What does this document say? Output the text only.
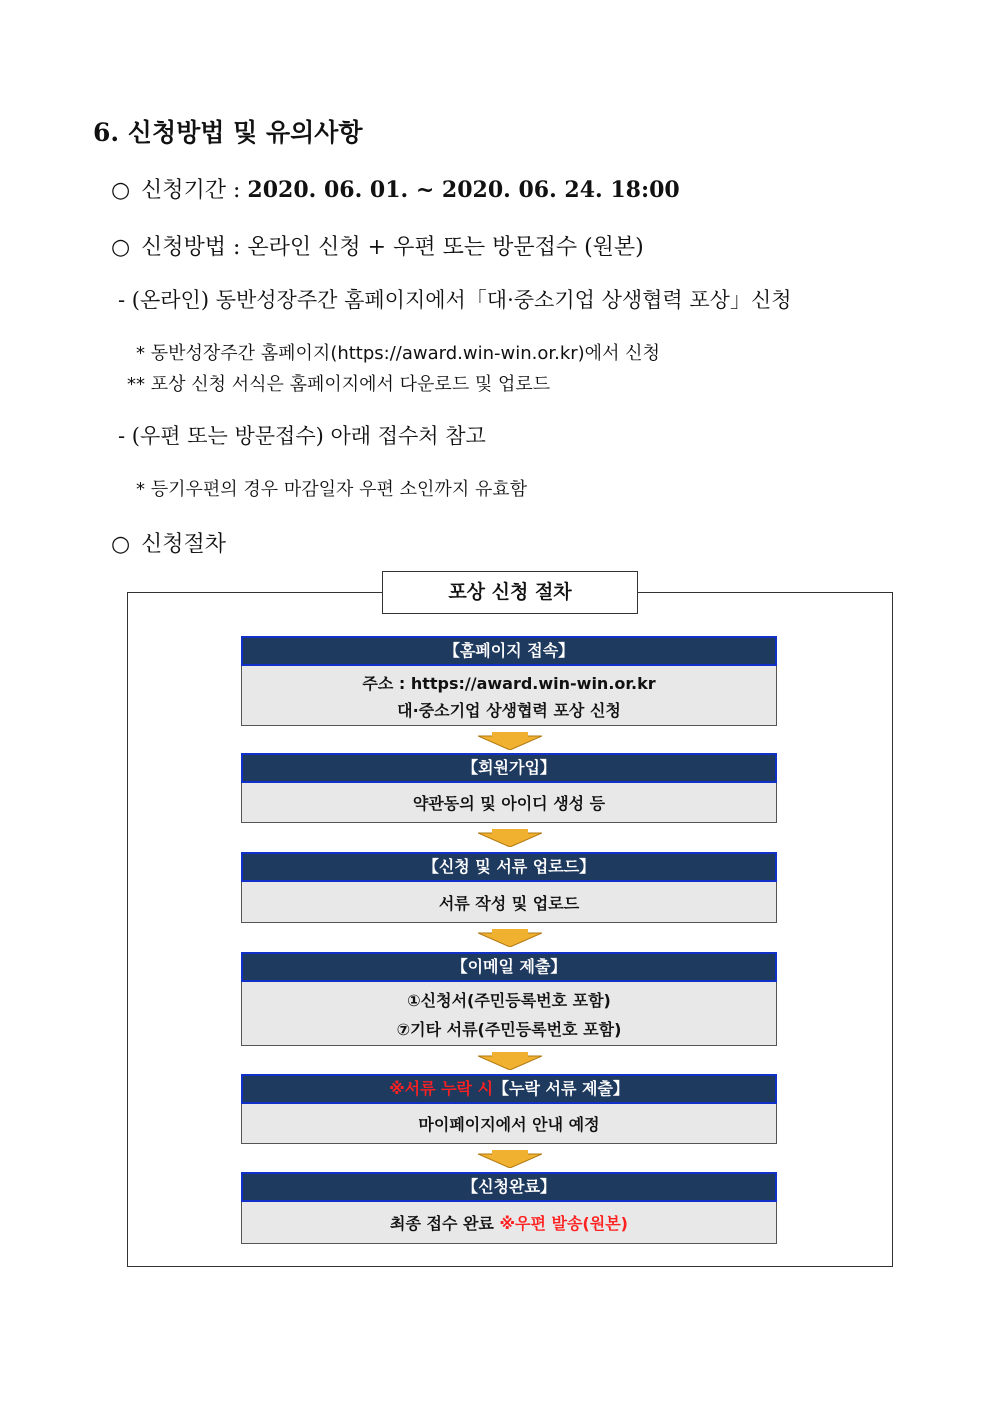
6. 신청방법 및 유의사항
○ 신청기간 : 2020. 06. 01. ~ 2020. 06. 24. 18:00
○ 신청방법 : 온라인 신청 + 우편 또는 방문접수 (원본)
- (온라인) 동반성장주간 홈페이지에서「대·중소기업 상생협력 포상」신청
* 동반성장주간 홈페이지(https://award.win-win.or.kr)에서 신청
** 포상 신청 서식은 홈페이지에서 다운로드 및 업로드
- (우편 또는 방문접수) 아래 접수처 참고
* 등기우편의 경우 마감일자 우편 소인까지 유효함
○ 신청절차
포상 신청 절차
【홈페이지 접속】
주소 : https://award.win-win.or.kr
대·중소기업 상생협력 포상 신청
【회원가입】
약관동의 및 아이디 생성 등
【신청 및 서류 업로드】
서류 작성 및 업로드
【이메일 제출】
①신청서(주민등록번호 포함)
⑦기타 서류(주민등록번호 포함)
※서류 누락 시【누락 서류 제출】
마이페이지에서 안내 예정
【신청완료】
최종 접수 완료 ※우편 발송(원본)
